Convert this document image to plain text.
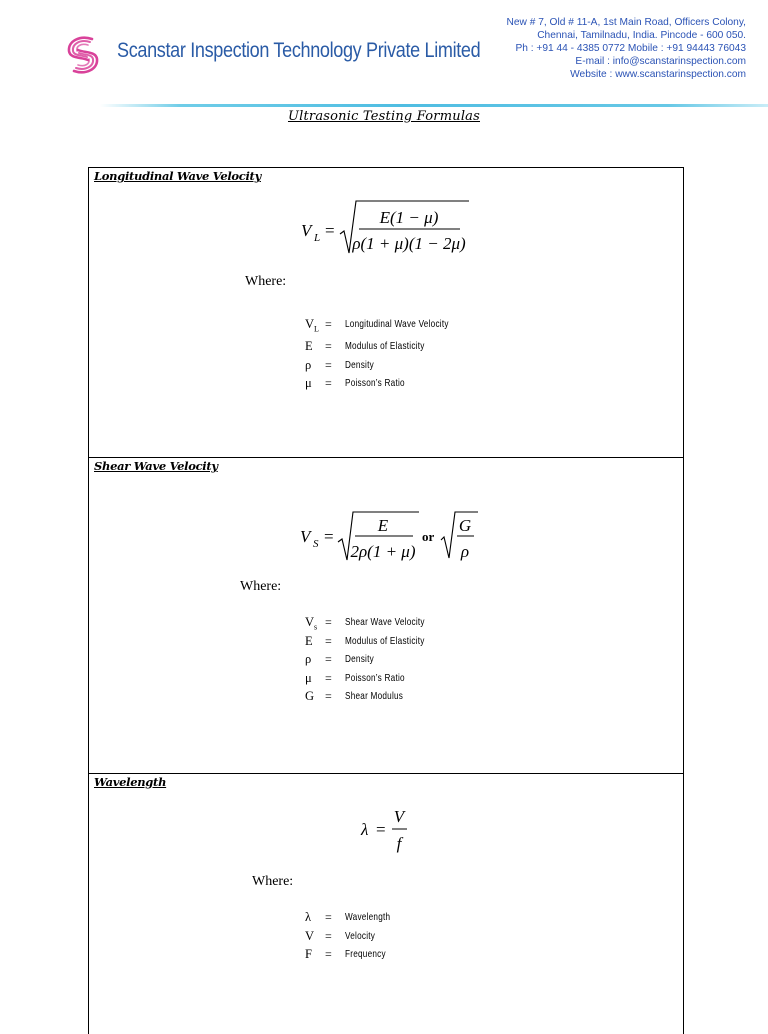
Scanstar Inspection Technology Private Limited
New # 7, Old # 11-A, 1st Main Road, Officers Colony,
Chennai, Tamilnadu, India. Pincode - 600 050.
Ph : +91 44 - 4385 0772 Mobile : +91 94443 76043
E-mail : info@scanstarinspection.com
Website : www.scanstarinspection.com
Ultrasonic Testing Formulas
Longitudinal Wave Velocity
V L =
E(1 − μ)
ρ(1 + μ)(1 − 2μ)
Where:
$V_L$ = Longitudinal Wave Velocity
E = Modulus of Elasticity
ρ = Density
μ = Poisson’s Ratio
Shear Wave Velocity
V S =
E
2ρ(1 + μ)
or
G
ρ
Where:
$V_s$ = Shear Wave Velocity
E = Modulus of Elasticity
ρ = Density
μ = Poisson’s Ratio
G = Shear Modulus
Wavelength
λ =
V
f
Where:
λ = Wavelength
V = Velocity
F = Frequency
